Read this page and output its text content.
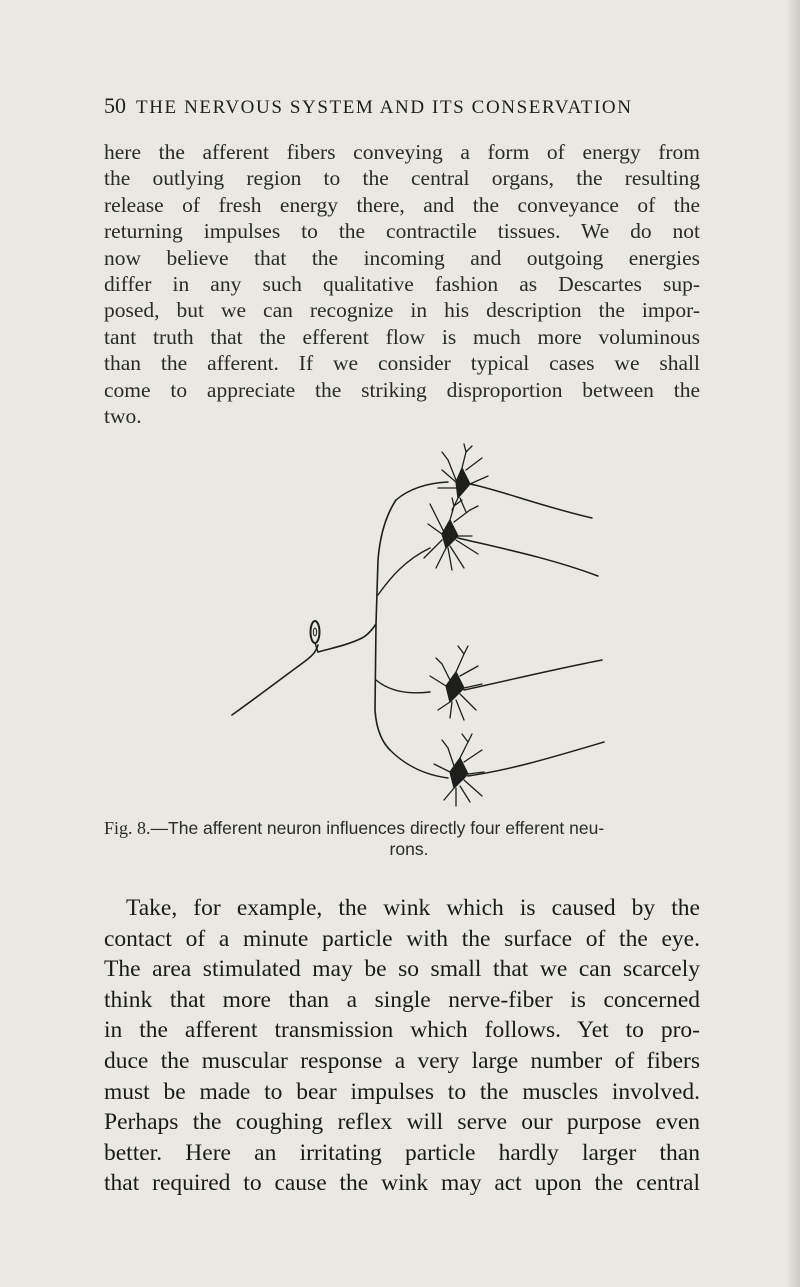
50 THE NERVOUS SYSTEM AND ITS CONSERVATION

here the afferent fibers conveying a form of energy from
the outlying region to the central organs, the resulting
release of fresh energy there, and the conveyance of the
returning impulses to the contractile tissues. We do not
now believe that the incoming and outgoing energies
differ in any such qualitative fashion as Descartes sup-
posed, but we can recognize in his description the impor-
tant truth that the efferent flow is much more voluminous
than the afferent. If we consider typical cases we shall
come to appreciate the striking disproportion between the
two.

Fig. 8.—The afferent neuron influences directly four efferent neu-
rons.

Take, for example, the wink which is caused by the
contact of a minute particle with the surface of the eye.
The area stimulated may be so small that we can scarcely
think that more than a single nerve-fiber is concerned
in the afferent transmission which follows. Yet to pro-
duce the muscular response a very large number of fibers
must be made to bear impulses to the muscles involved.
Perhaps the coughing reflex will serve our purpose even
better. Here an irritating particle hardly larger than
that required to cause the wink may act upon the central
